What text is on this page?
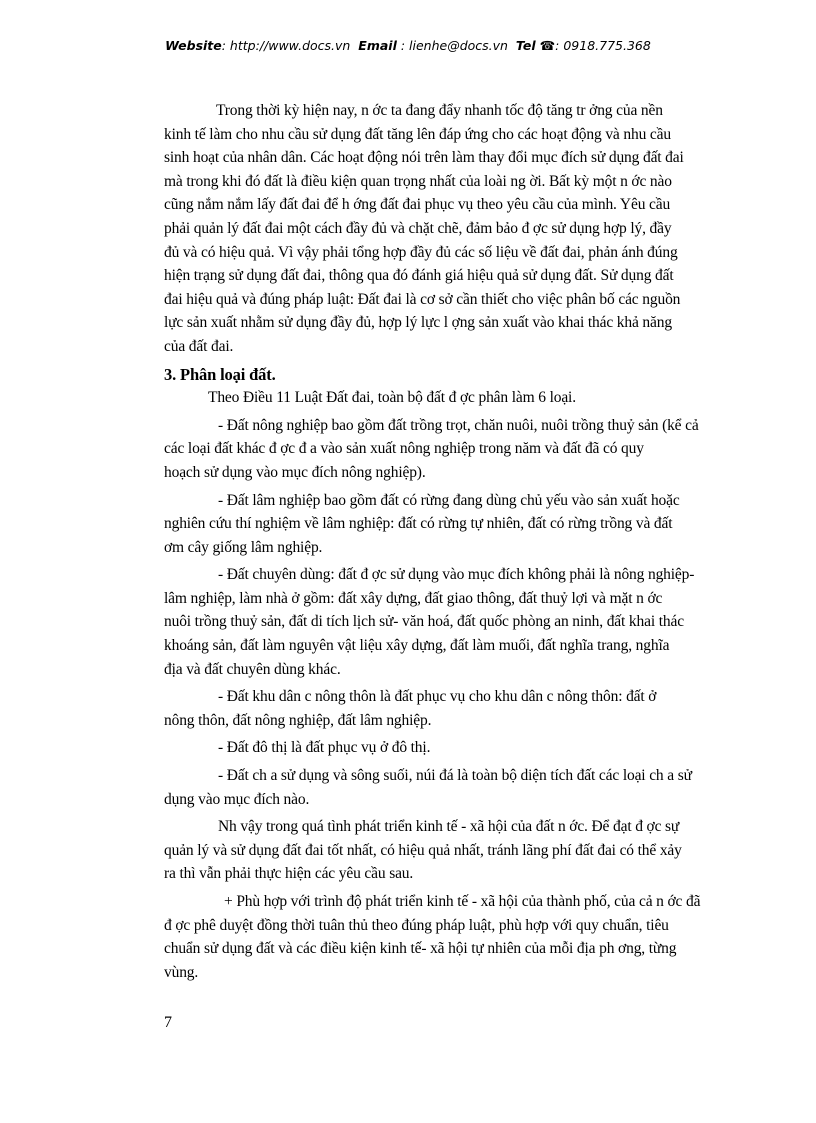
Website: http://www.docs.vn Email : lienhe@docs.vn Tel ☎: 0918.775.368
Trong thời kỳ hiện nay, n ớc ta đang đẩy nhanh tốc độ tăng tr ởng của nền
kinh tế làm cho nhu cầu sử dụng đất tăng lên đáp ứng cho các hoạt động và nhu cầu
sinh hoạt của nhân dân. Các hoạt động nói trên làm thay đổi mục đích sử dụng đất đai
mà trong khi đó đất là điều kiện quan trọng nhất của loài ng ời. Bất kỳ một n ớc nào
cũng nắm nắm lấy đất đai để h ớng đất đai phục vụ theo yêu cầu của mình. Yêu cầu
phải quản lý đất đai một cách đầy đủ và chặt chẽ, đảm bảo đ ợc sử dụng hợp lý, đầy
đủ và có hiệu quả. Vì vậy phải tổng hợp đầy đủ các số liệu về đất đai, phản ánh đúng
hiện trạng sử dụng đất đai, thông qua đó đánh giá hiệu quả sử dụng đất. Sử dụng đất
đai hiệu quả và đúng pháp luật: Đất đai là cơ sở cần thiết cho việc phân bố các nguồn
lực sản xuất nhằm sử dụng đầy đủ, hợp lý lực l ợng sản xuất vào khai thác khả năng
của đất đai.
3. Phân loại đất.
Theo Điều 11 Luật Đất đai, toàn bộ đất đ ợc phân làm 6 loại.
- Đất nông nghiệp bao gồm đất trồng trọt, chăn nuôi, nuôi trồng thuỷ sản (kể cả
các loại đất khác đ ợc đ a vào sản xuất nông nghiệp trong năm và đất đã có quy
hoạch sử dụng vào mục đích nông nghiệp).
- Đất lâm nghiệp bao gồm đất có rừng đang dùng chủ yếu vào sản xuất hoặc
nghiên cứu thí nghiệm về lâm nghiệp: đất có rừng tự nhiên, đất có rừng trồng và đất
ơm cây giống lâm nghiệp.
- Đất chuyên dùng: đất đ ợc sử dụng vào mục đích không phải là nông nghiệp-
lâm nghiệp, làm nhà ở gồm: đất xây dựng, đất giao thông, đất thuỷ lợi và mặt n ớc
nuôi trồng thuỷ sản, đất di tích lịch sử- văn hoá, đất quốc phòng an ninh, đất khai thác
khoáng sản, đất làm nguyên vật liệu xây dựng, đất làm muối, đất nghĩa trang, nghĩa
địa và đất chuyên dùng khác.
- Đất khu dân c nông thôn là đất phục vụ cho khu dân c nông thôn: đất ở
nông thôn, đất nông nghiệp, đất lâm nghiệp.
- Đất đô thị là đất phục vụ ở đô thị.
- Đất ch a sử dụng và sông suối, núi đá là toàn bộ diện tích đất các loại ch a sử
dụng vào mục đích nào.
Nh vậy trong quá tình phát triển kinh tế - xã hội của đất n ớc. Để đạt đ ợc sự
quản lý và sử dụng đất đai tốt nhất, có hiệu quả nhất, tránh lãng phí đất đai có thể xảy
ra thì vẫn phải thực hiện các yêu cầu sau.
+ Phù hợp với trình độ phát triển kinh tế - xã hội của thành phố, của cả n ớc đã
đ ợc phê duyệt đồng thời tuân thủ theo đúng pháp luật, phù hợp với quy chuẩn, tiêu
chuẩn sử dụng đất và các điều kiện kinh tế- xã hội tự nhiên của mỗi địa ph ơng, từng
vùng.
7
